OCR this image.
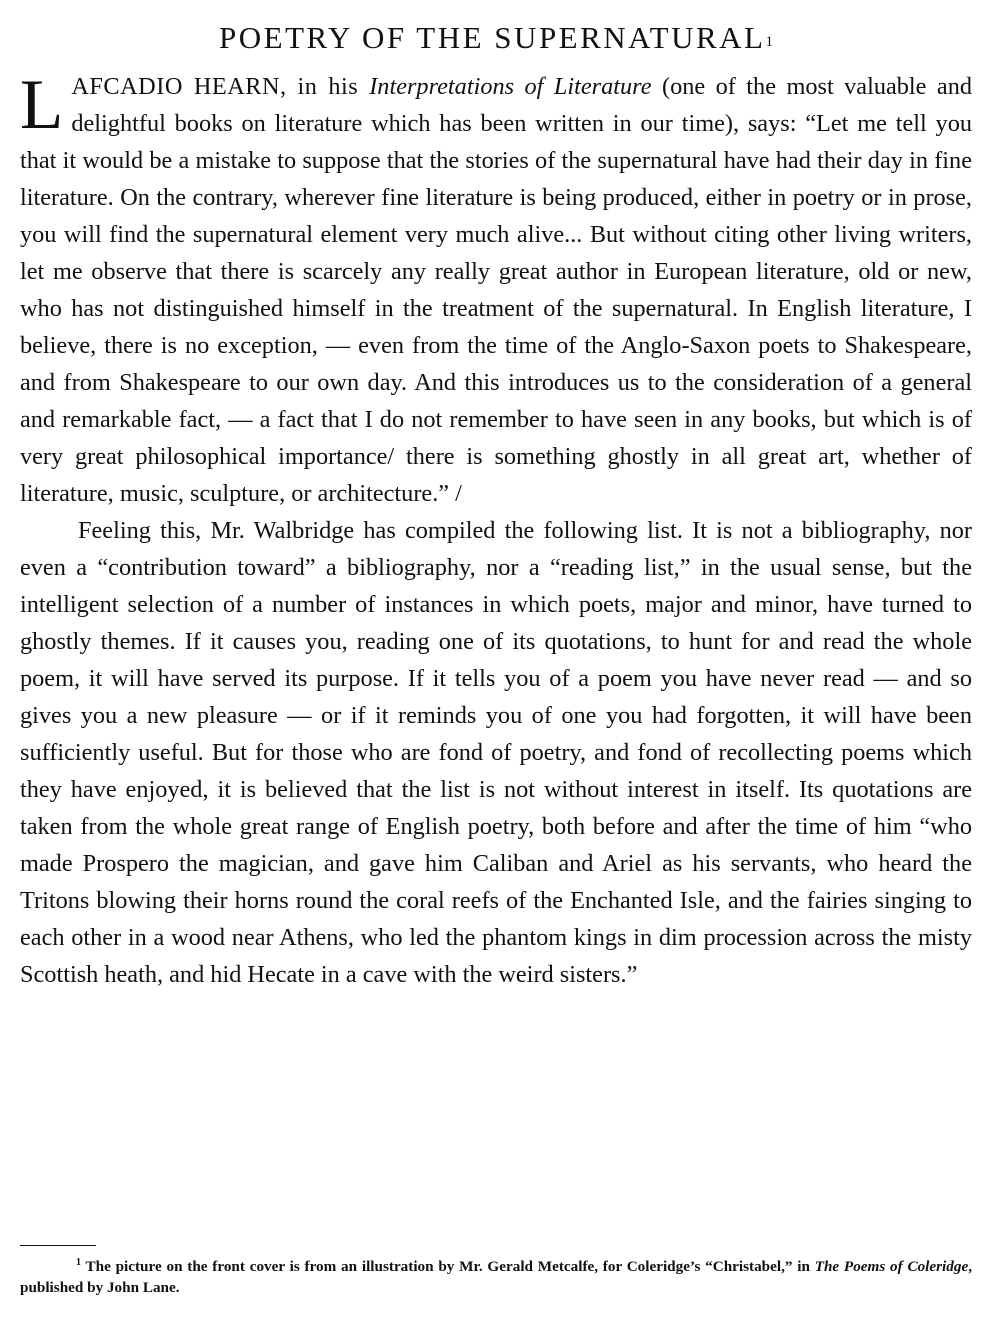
POETRY OF THE SUPERNATURAL$^1$

LAFCADIO HEARN, in his Interpretations of Literature (one of the most valuable and delightful books on literature which has been written in our time), says: “Let me tell you that it would be a mistake to suppose that the stories of the supernatural have had their day in fine literature. On the contrary, wherever fine literature is being produced, either in poetry or in prose, you will find the supernatural element very much alive... But without citing other living writers, let me observe that there is scarcely any really great author in European literature, old or new, who has not distinguished himself in the treatment of the supernatural. In English literature, I believe, there is no exception, — even from the time of the Anglo-Saxon poets to Shakespeare, and from Shakespeare to our own day. And this introduces us to the consideration of a general and remarkable fact, — a fact that I do not remember to have seen in any books, but which is of very great philosophical importance/ there is something ghostly in all great art, whether of literature, music, sculpture, or architecture.” /

Feeling this, Mr. Walbridge has compiled the following list. It is not a bibliography, nor even a “contribution toward” a bibliography, nor a “reading list,” in the usual sense, but the intelligent selection of a number of instances in which poets, major and minor, have turned to ghostly themes. If it causes you, reading one of its quotations, to hunt for and read the whole poem, it will have served its purpose. If it tells you of a poem you have never read — and so gives you a new pleasure — or if it reminds you of one you had forgotten, it will have been sufficiently useful. But for those who are fond of poetry, and fond of recollecting poems which they have enjoyed, it is believed that the list is not without interest in itself. Its quotations are taken from the whole great range of English poetry, both before and after the time of him “who made Prospero the magician, and gave him Caliban and Ariel as his servants, who heard the Tritons blowing their horns round the coral reefs of the Enchanted Isle, and the fairies singing to each other in a wood near Athens, who led the phantom kings in dim procession across the misty Scottish heath, and hid Hecate in a cave with the weird sisters.”

$^1$ The picture on the front cover is from an illustration by Mr. Gerald Metcalfe, for Coleridge’s “Christabel,” in The Poems of Coleridge, published by John Lane.
